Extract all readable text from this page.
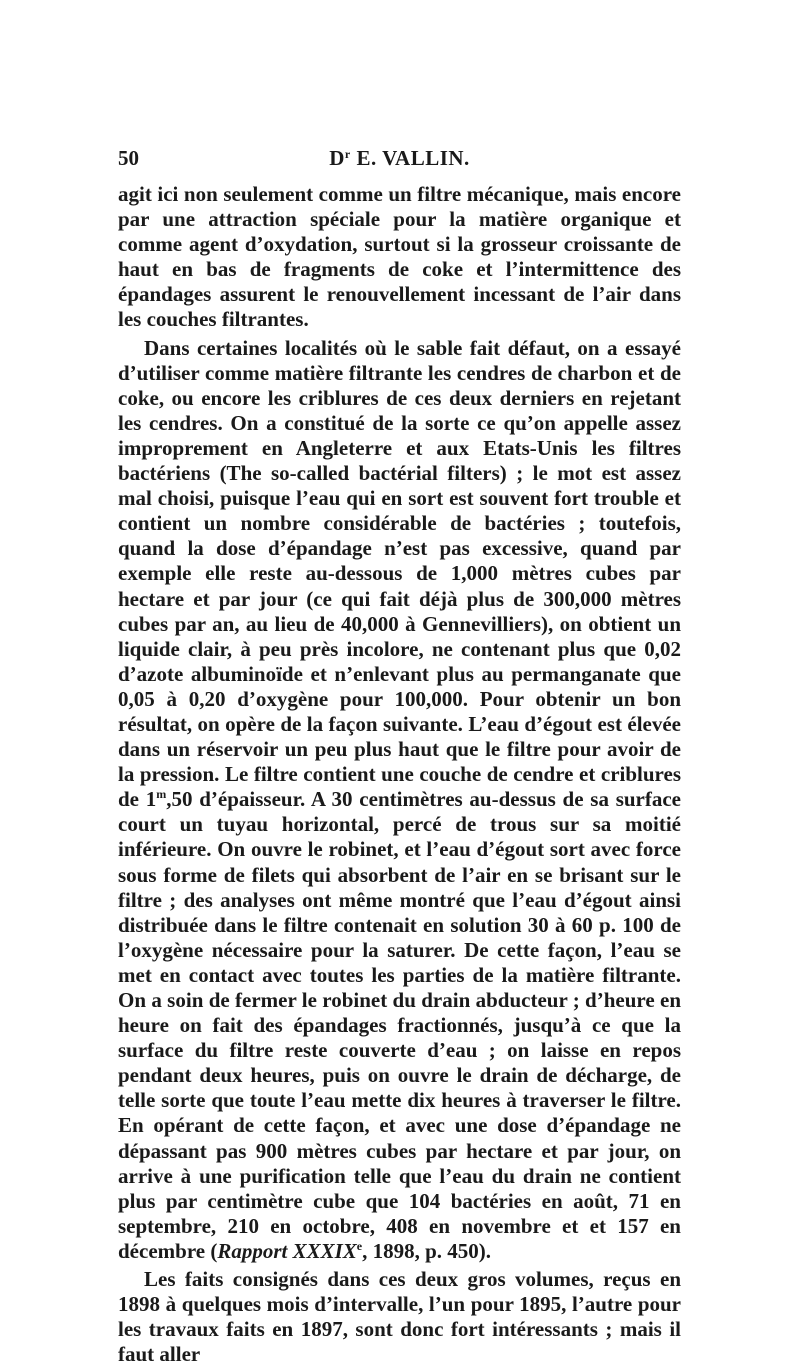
50	$D^r$ E. VALLIN.

agit ici non seulement comme un filtre mécanique, mais encore par une attraction spéciale pour la matière organique et comme agent d’oxydation, surtout si la grosseur croissante de haut en bas de fragments de coke et l’intermittence des épandages assurent le renouvellement incessant de l’air dans les couches filtrantes.

Dans certaines localités où le sable fait défaut, on a essayé d’utiliser comme matière filtrante les cendres de charbon et de coke, ou encore les criblures de ces deux derniers en rejetant les cendres. On a constitué de la sorte ce qu’on appelle assez improprement en Angleterre et aux Etats-Unis les filtres bactériens (The so-called bactérial filters) ; le mot est assez mal choisi, puisque l’eau qui en sort est souvent fort trouble et contient un nombre considérable de bactéries ; toutefois, quand la dose d’épandage n’est pas excessive, quand par exemple elle reste au-dessous de 1,000 mètres cubes par hectare et par jour (ce qui fait déjà plus de 300,000 mètres cubes par an, au lieu de 40,000 à Gennevilliers), on obtient un liquide clair, à peu près incolore, ne contenant plus que 0,02 d’azote albuminoïde et n’enlevant plus au permanganate que 0,05 à 0,20 d’oxygène pour 100,000. Pour obtenir un bon résultat, on opère de la façon suivante. L’eau d’égout est élevée dans un réservoir un peu plus haut que le filtre pour avoir de la pression. Le filtre contient une couche de cendre et criblures de 1$^m$,50 d’épaisseur. A 30 centimètres au-dessus de sa surface court un tuyau horizontal, percé de trous sur sa moitié inférieure. On ouvre le robinet, et l’eau d’égout sort avec force sous forme de filets qui absorbent de l’air en se brisant sur le filtre ; des analyses ont même montré que l’eau d’égout ainsi distribuée dans le filtre contenait en solution 30 à 60 p. 100 de l’oxygène nécessaire pour la saturer. De cette façon, l’eau se met en contact avec toutes les parties de la matière filtrante. On a soin de fermer le robinet du drain abducteur ; d’heure en heure on fait des épandages fractionnés, jusqu’à ce que la surface du filtre reste couverte d’eau ; on laisse en repos pendant deux heures, puis on ouvre le drain de décharge, de telle sorte que toute l’eau mette dix heures à traverser le filtre. En opérant de cette façon, et avec une dose d’épandage ne dépassant pas 900 mètres cubes par hectare et par jour, on arrive à une purification telle que l’eau du drain ne contient plus par centimètre cube que 104 bactéries en août, 71 en septembre, 210 en octobre, 408 en novembre et et 157 en décembre (Rapport XXXIXe, 1898, p. 450).

Les faits consignés dans ces deux gros volumes, reçus en 1898 à quelques mois d’intervalle, l’un pour 1895, l’autre pour les travaux faits en 1897, sont donc fort intéressants ; mais il faut aller
